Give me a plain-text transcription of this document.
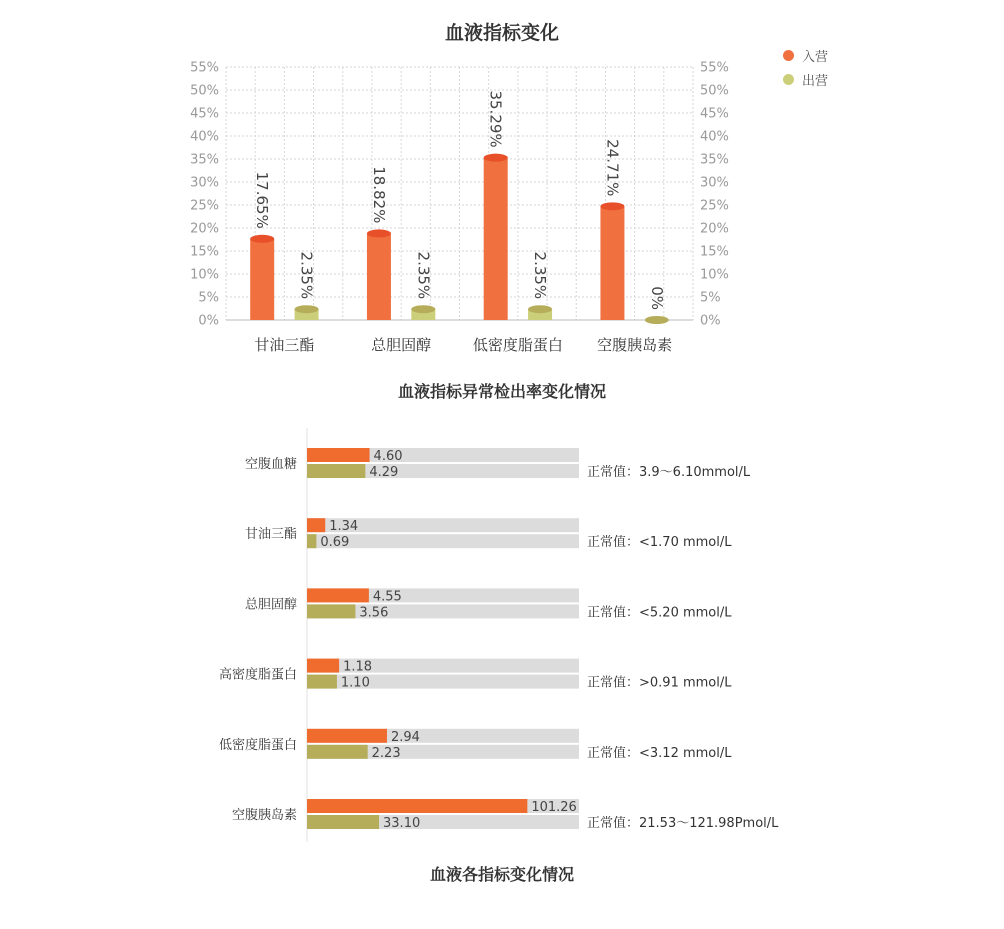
血液指标变化
入营
出营
0%	0%
5%	5%
10%	10%
15%	15%
20%	20%
25%	25%
30%	30%
35%	35%
40%	40%
45%	45%
50%	50%
55%	55%
甘油三酯
17.65%
2.35%
总胆固醇
18.82%
2.35%
低密度脂蛋白
35.29%
2.35%
空腹胰岛素
24.71%
0%
血液指标异常检出率变化情况
空腹血糖
4.60
4.29	正常值：3.9～6.10mmol/L
甘油三酯
1.34
0.69	正常值：<1.70 mmol/L
总胆固醇
4.55
3.56	正常值：<5.20 mmol/L
高密度脂蛋白
1.18
1.10	正常值：>0.91 mmol/L
低密度脂蛋白
2.94
2.23	正常值：<3.12 mmol/L
空腹胰岛素
101.26
33.10	正常值：21.53～121.98Pmol/L
血液各指标变化情况
